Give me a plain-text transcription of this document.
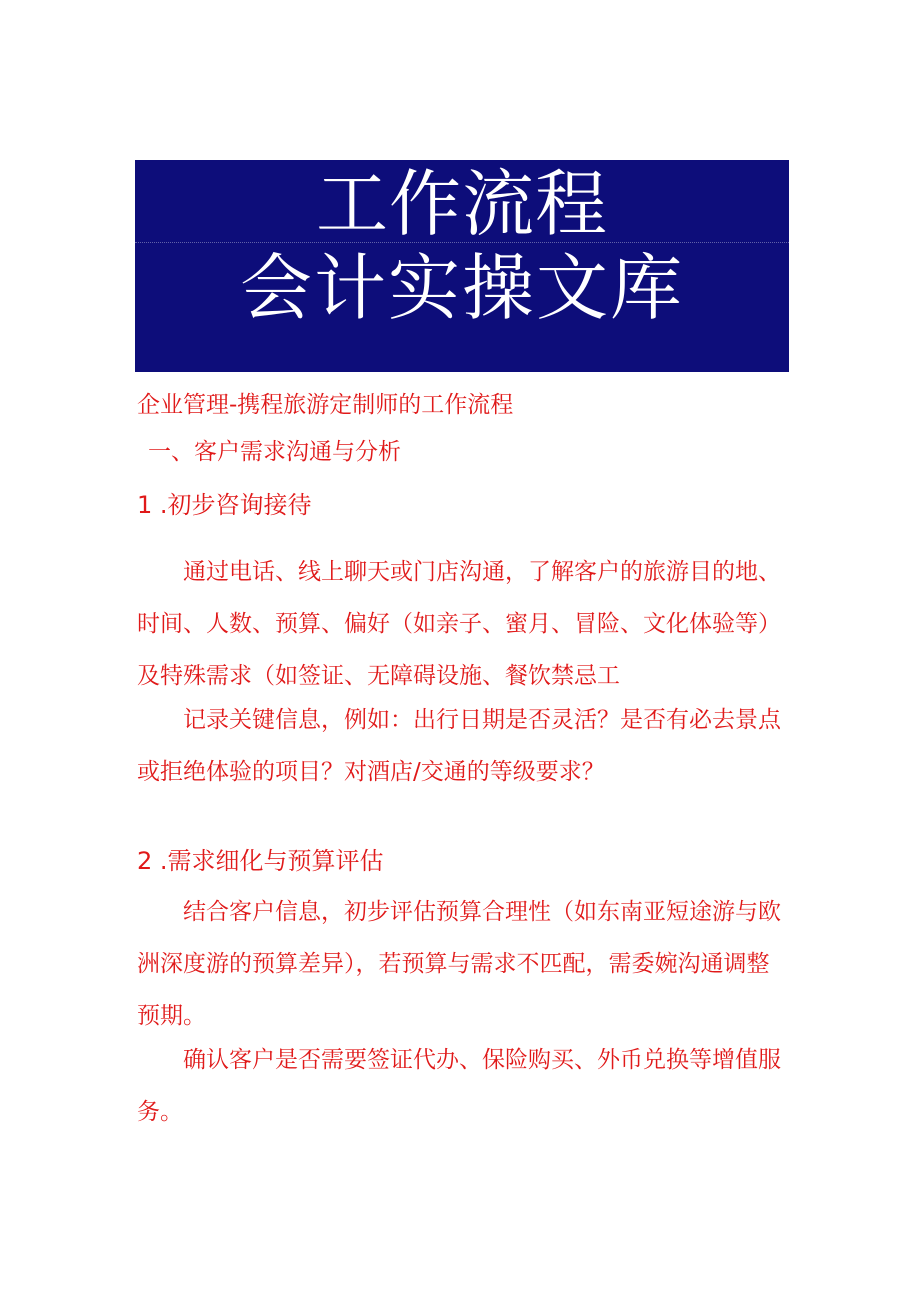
工作流程
会计实操文库
企业管理-携程旅游定制师的工作流程
一、客户需求沟通与分析
1 .初步咨询接待
通过电话、线上聊天或门店沟通，了解客户的旅游目的地、时间、人数、预算、偏好（如亲子、蜜月、冒险、文化体验等）及特殊需求（如签证、无障碍设施、餐饮禁忌工
记录关键信息，例如：出行日期是否灵活？是否有必去景点或拒绝体验的项目？对酒店/交通的等级要求？
2 .需求细化与预算评估
结合客户信息，初步评估预算合理性（如东南亚短途游与欧洲深度游的预算差异），若预算与需求不匹配，需委婉沟通调整预期。
确认客户是否需要签证代办、保险购买、外币兑换等增值服务。
